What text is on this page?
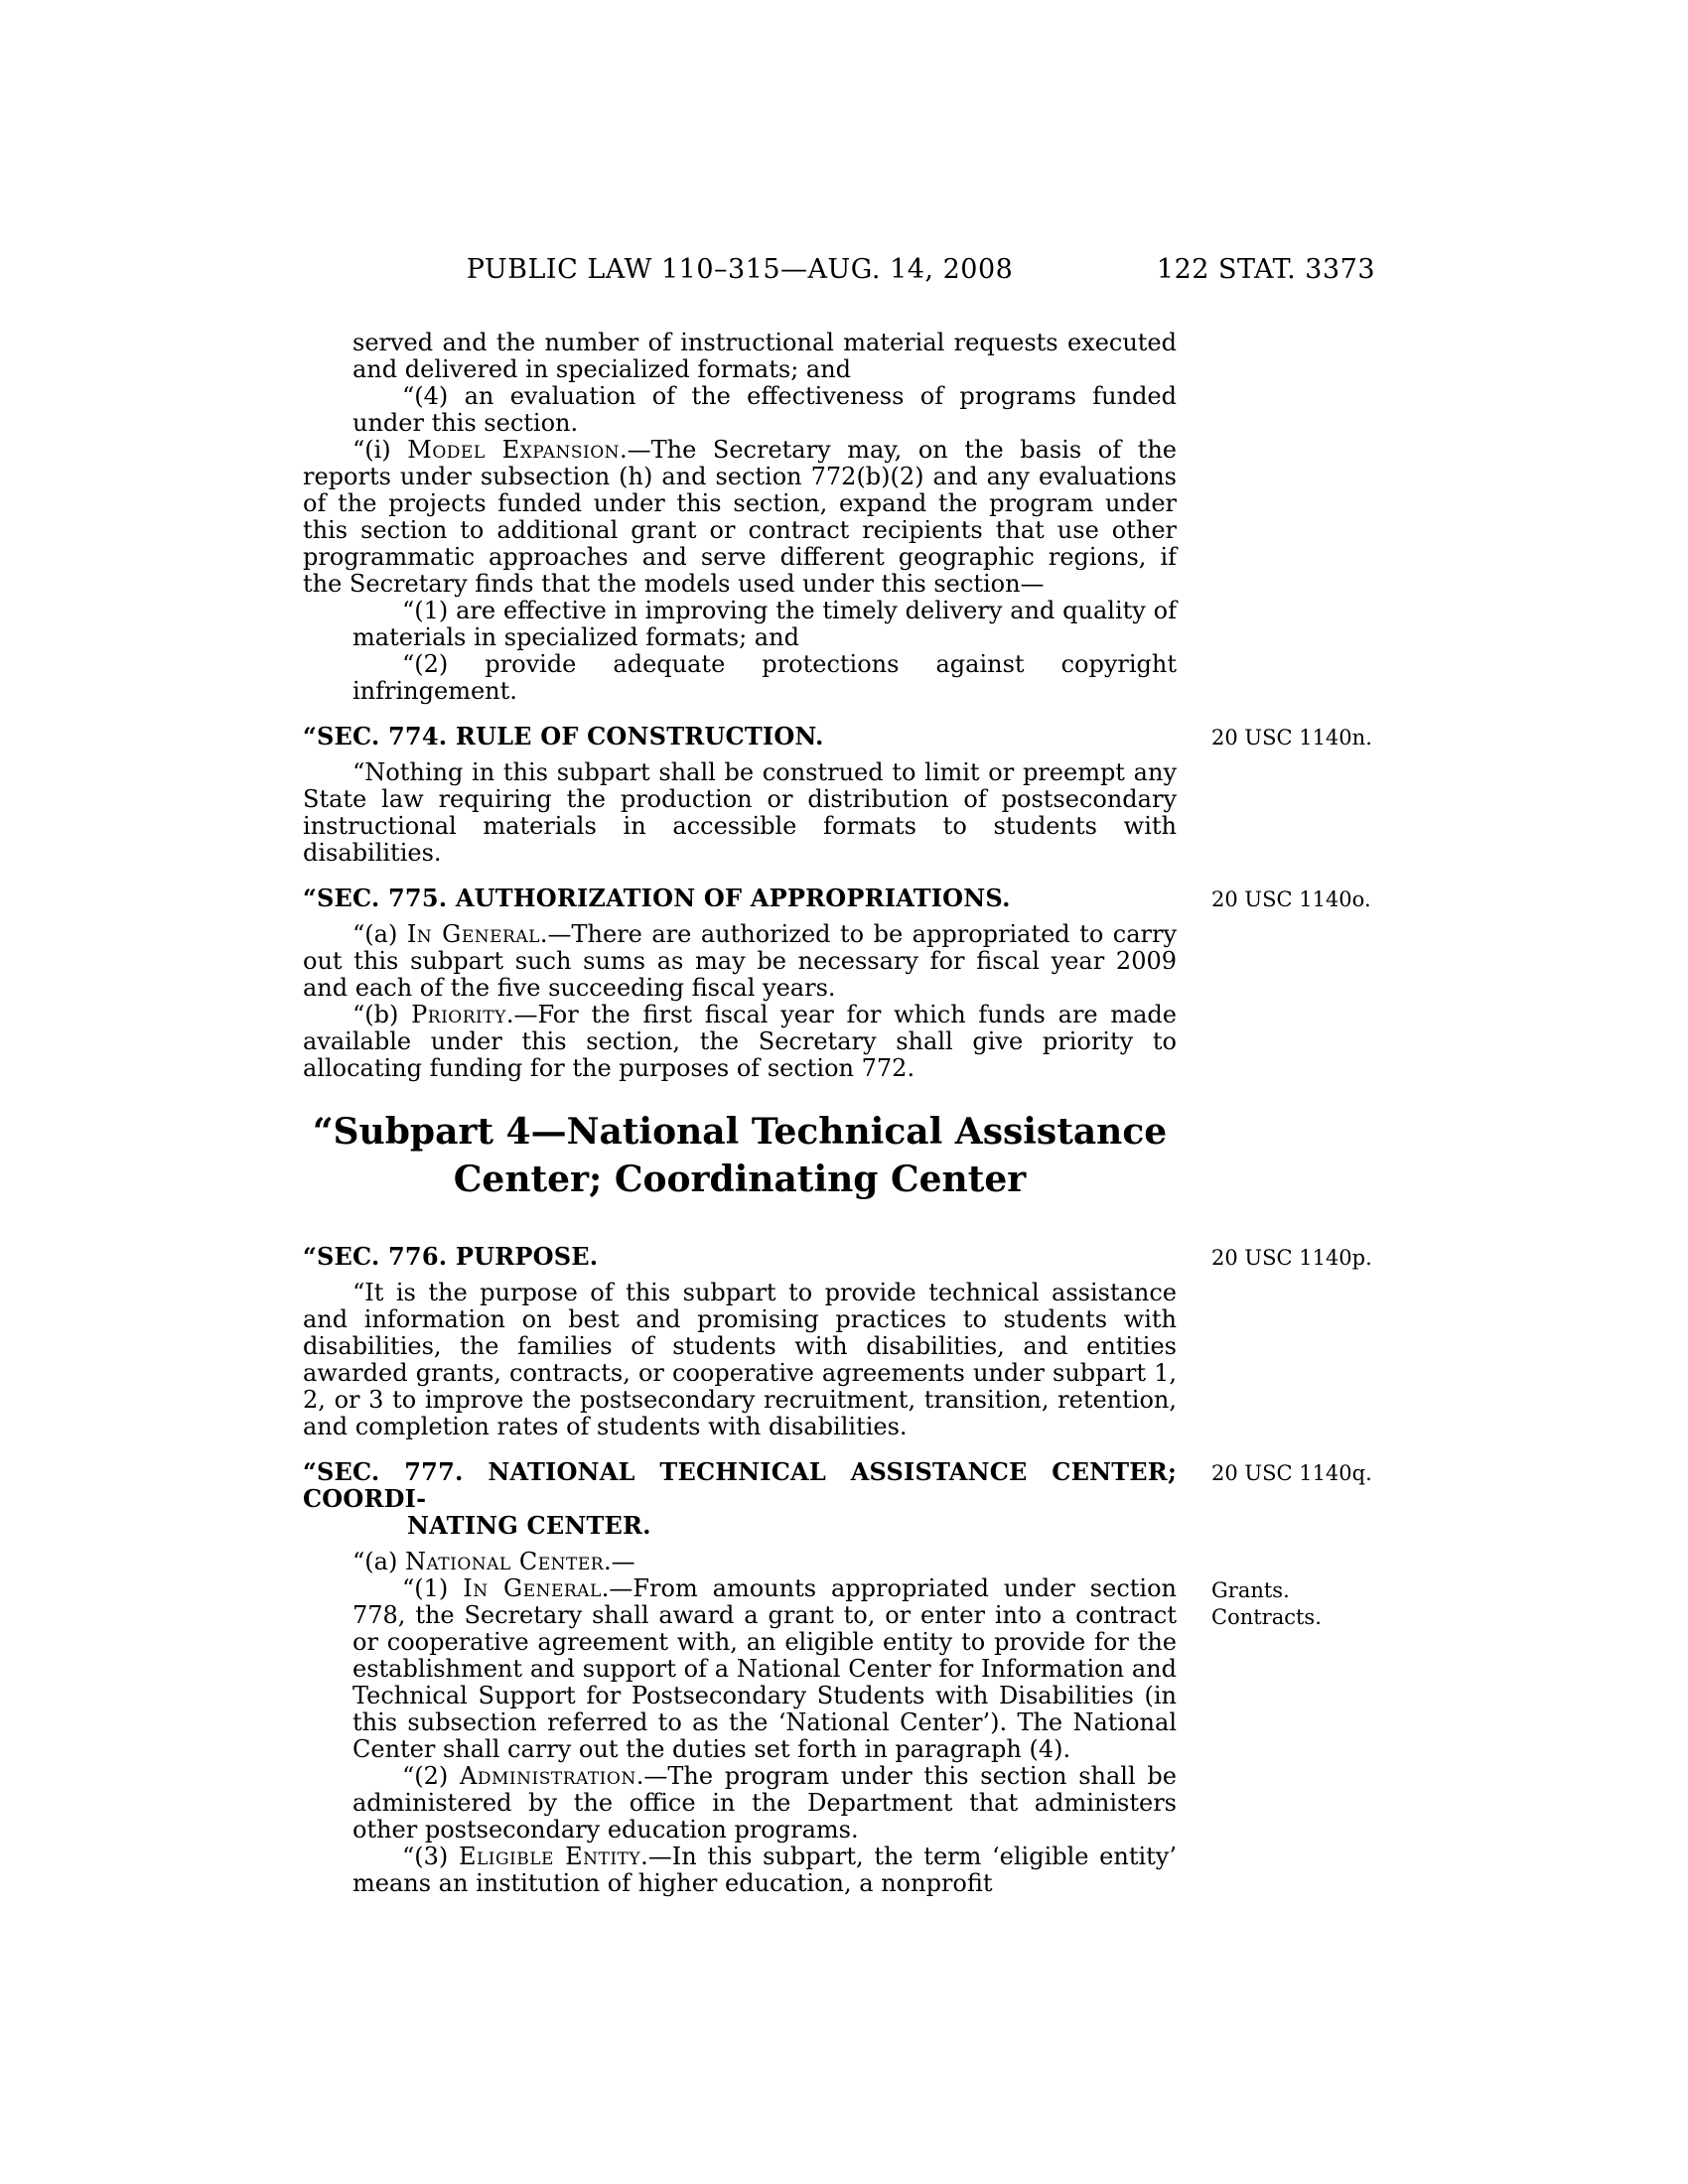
PUBLIC LAW 110–315—AUG. 14, 2008	122 STAT. 3373

served and the number of instructional material requests executed and delivered in specialized formats; and

“(4) an evaluation of the effectiveness of programs funded under this section.

“(i) Model Expansion.—The Secretary may, on the basis of the reports under subsection (h) and section 772(b)(2) and any evaluations of the projects funded under this section, expand the program under this section to additional grant or contract recipients that use other programmatic approaches and serve different geographic regions, if the Secretary finds that the models used under this section—

“(1) are effective in improving the timely delivery and quality of materials in specialized formats; and

“(2) provide adequate protections against copyright infringement.

“SEC. 774. RULE OF CONSTRUCTION.	20 USC 1140n.

“Nothing in this subpart shall be construed to limit or preempt any State law requiring the production or distribution of postsecondary instructional materials in accessible formats to students with disabilities.

“SEC. 775. AUTHORIZATION OF APPROPRIATIONS.	20 USC 1140o.

“(a) In General.—There are authorized to be appropriated to carry out this subpart such sums as may be necessary for fiscal year 2009 and each of the five succeeding fiscal years.

“(b) Priority.—For the first fiscal year for which funds are made available under this section, the Secretary shall give priority to allocating funding for the purposes of section 772.

“Subpart 4—National Technical Assistance
Center; Coordinating Center
“SEC. 776. PURPOSE.	20 USC 1140p.

“It is the purpose of this subpart to provide technical assistance and information on best and promising practices to students with disabilities, the families of students with disabilities, and entities awarded grants, contracts, or cooperative agreements under subpart 1, 2, or 3 to improve the postsecondary recruitment, transition, retention, and completion rates of students with disabilities.

“SEC. 777. NATIONAL TECHNICAL ASSISTANCE CENTER; COORDI-
NATING CENTER.
20 USC 1140q.

“(a) National Center.—

“(1) In General.—From amounts appropriated under section 778, the Secretary shall award a grant to, or enter into a contract or cooperative agreement with, an eligible entity to provide for the establishment and support of a National Center for Information and Technical Support for Postsecondary Students with Disabilities (in this subsection referred to as the ‘National Center’). The National Center shall carry out the duties set forth in paragraph (4).

Grants.
Contracts.

“(2) Administration.—The program under this section shall be administered by the office in the Department that administers other postsecondary education programs.

“(3) Eligible Entity.—In this subpart, the term ‘eligible entity’ means an institution of higher education, a nonprofit
